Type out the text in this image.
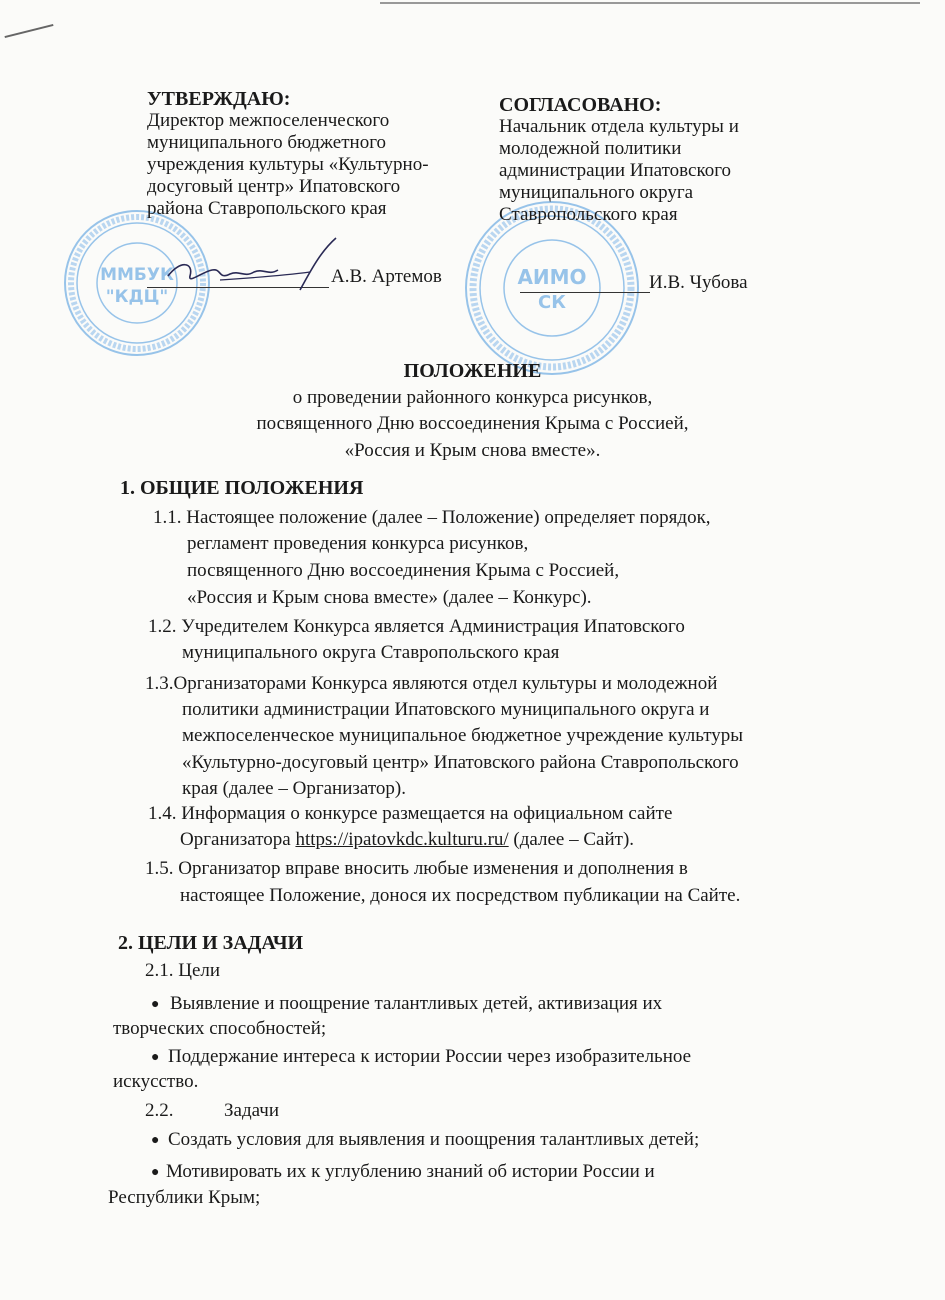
ММБУК
"КДЦ"
АИМО
СК
УТВЕРЖДАЮ:
Директор межпоселенческого
муниципального бюджетного
учреждения культуры «Культурно-
досуговый центр» Ипатовского
района Ставропольского края
А.В. Артемов
СОГЛАСОВАНО:
Начальник отдела культуры и
молодежной политики
администрации Ипатовского
муниципального округа
Ставропольского края
И.В. Чубова
ПОЛОЖЕНИЕ
о проведении районного конкурса рисунков,
посвященного Дню воссоединения Крыма с Россией,
«Россия и Крым снова вместе».
1. ОБЩИЕ ПОЛОЖЕНИЯ
1.1. Настоящее положение (далее – Положение) определяет порядок,
регламент проведения конкурса рисунков,
посвященного Дню воссоединения Крыма с Россией,
«Россия и Крым снова вместе» (далее – Конкурс).
1.2. Учредителем Конкурса является Администрация Ипатовского
муниципального округа Ставропольского края
1.3.Организаторами Конкурса являются отдел культуры и молодежной
политики администрации Ипатовского муниципального округа и
межпоселенческое муниципальное бюджетное учреждение культуры
«Культурно-досуговый центр» Ипатовского района Ставропольского
края (далее – Организатор).
1.4. Информация о конкурсе размещается на официальном сайте
Организатора https://ipatovkdc.kulturu.ru/ (далее – Сайт).
1.5. Организатор вправе вносить любые изменения и дополнения в
настоящее Положение, донося их посредством публикации на Сайте.
2. ЦЕЛИ И ЗАДАЧИ
2.1. Цели
● Выявление и поощрение талантливых детей, активизация их
творческих способностей;
● Поддержание интереса к истории России через изобразительное
искусство.
2.2.	Задачи
● Создать условия для выявления и поощрения талантливых детей;
● Мотивировать их к углублению знаний об истории России и
Республики Крым;
